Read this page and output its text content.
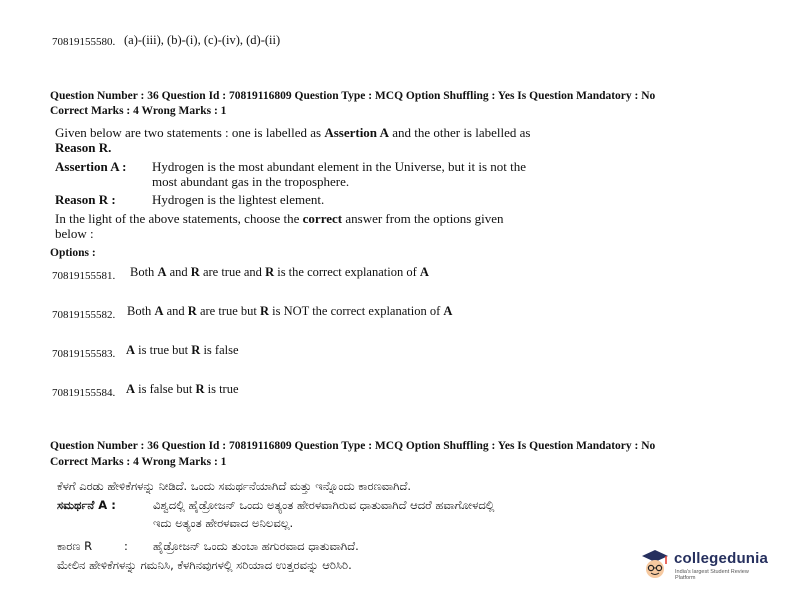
70819155580. (a)-(iii), (b)-(i), (c)-(iv), (d)-(ii)
Question Number : 36 Question Id : 70819116809 Question Type : MCQ Option Shuffling : Yes Is Question Mandatory : No
Correct Marks : 4 Wrong Marks : 1
Given below are two statements : one is labelled as Assertion A and the other is labelled as
Reason R.
Assertion A : Hydrogen is the most abundant element in the Universe, but it is not the
most abundant gas in the troposphere.
Reason R :	Hydrogen is the lightest element.
In the light of the above statements, choose the correct answer from the options given
below :
Options :
70819155581. Both A and R are true and R is the correct explanation of A
70819155582. Both A and R are true but R is NOT the correct explanation of A
70819155583. A is true but R is false
70819155584. A is false but R is true
Question Number : 36 Question Id : 70819116809 Question Type : MCQ Option Shuffling : Yes Is Question Mandatory : No
Correct Marks : 4 Wrong Marks : 1
ಕೆಳಗೆ ಎರಡು ಹೇಳಿಕೆಗಳನ್ನು ನೀಡಿದೆ. ಒಂದು ಸಮರ್ಥನೆಯಾಗಿದೆ ಮತ್ತು ಇನ್ನೊಂದು ಕಾರಣವಾಗಿದೆ.
ಸಮರ್ಥನೆ A :	ವಿಶ್ವದಲ್ಲಿ ಹೈಡ್ರೋಜನ್ ಒಂದು ಅತ್ಯಂತ ಹೇರಳವಾಗಿರುವ ಧಾತುವಾಗಿದೆ ಆದರೆ ಹವಾಗೋಳದಲ್ಲಿ
ಇದು ಅತ್ಯಂತ ಹೇರಳವಾದ ಅನಿಲವಲ್ಲ.
ಕಾರಣ R	: ಹೈಡ್ರೋಜನ್ ಒಂದು ತುಂಬಾ ಹಗುರವಾದ ಧಾತುವಾಗಿದೆ.
ಮೇಲಿನ ಹೇಳಿಕೆಗಳನ್ನು ಗಮನಿಸಿ, ಕೆಳಗಿನವುಗಳಲ್ಲಿ ಸರಿಯಾದ ಉತ್ತರವನ್ನು ಆರಿಸಿರಿ.	collegedunia
India's largest Student Review Platform
